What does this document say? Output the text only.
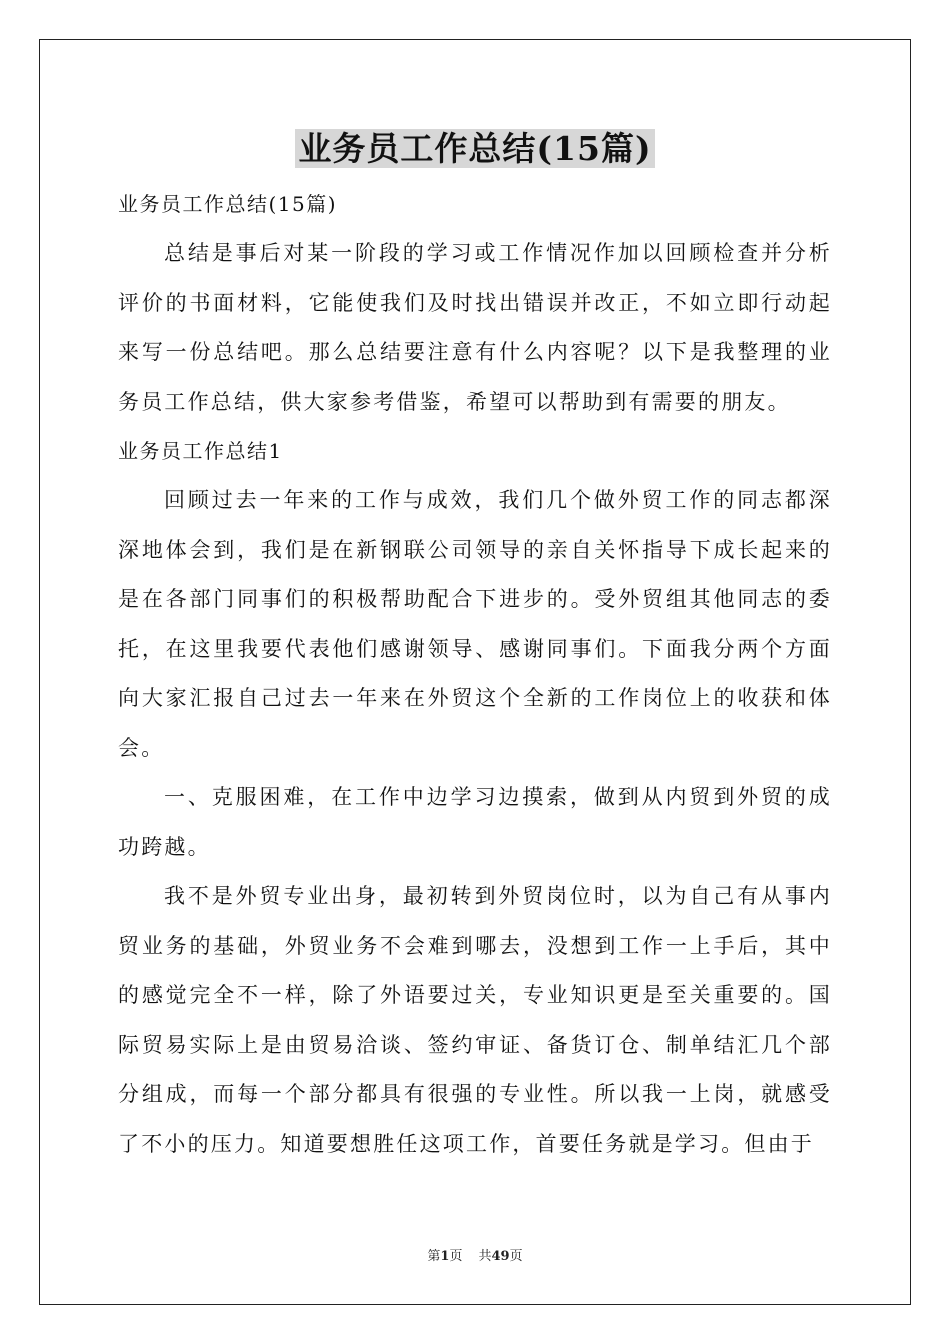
业务员工作总结(15篇)

业务员工作总结(15篇)

总结是事后对某一阶段的学习或工作情况作加以回顾检查并分析评价的书面材料，它能使我们及时找出错误并改正，不如立即行动起来写一份总结吧。那么总结要注意有什么内容呢？以下是我整理的业务员工作总结，供大家参考借鉴，希望可以帮助到有需要的朋友。

业务员工作总结1

回顾过去一年来的工作与成效，我们几个做外贸工作的同志都深深地体会到，我们是在新钢联公司领导的亲自关怀指导下成长起来的是在各部门同事们的积极帮助配合下进步的。受外贸组其他同志的委托，在这里我要代表他们感谢领导、感谢同事们。下面我分两个方面向大家汇报自己过去一年来在外贸这个全新的工作岗位上的收获和体会。

一、克服困难，在工作中边学习边摸索，做到从内贸到外贸的成功跨越。

我不是外贸专业出身，最初转到外贸岗位时，以为自己有从事内贸业务的基础，外贸业务不会难到哪去，没想到工作一上手后，其中的感觉完全不一样，除了外语要过关，专业知识更是至关重要的。国际贸易实际上是由贸易洽谈、签约审证、备货订仓、制单结汇几个部分组成，而每一个部分都具有很强的专业性。所以我一上岗，就感受了不小的压力。知道要想胜任这项工作，首要任务就是学习。但由于

第1页 共49页
